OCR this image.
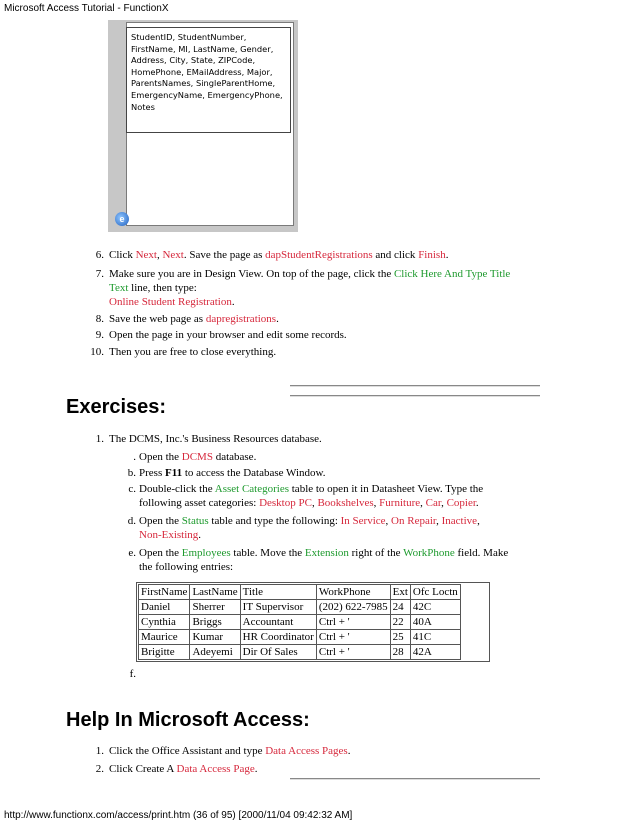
Microsoft Access Tutorial - FunctionX
StudentID, StudentNumber,
FirstName, MI, LastName, Gender,
Address, City, State, ZIPCode,
HomePhone, EMailAddress, Major,
ParentsNames, SingleParentHome,
EmergencyName, EmergencyPhone,
Notes
e
6. Click Next, Next. Save the page as dapStudentRegistrations and click Finish.
7. Make sure you are in Design View. On top of the page, click the Click Here And Type Title
Text line, then type:
Online Student Registration.
8. Save the web page as dapregistrations.
9. Open the page in your browser and edit some records.
10. Then you are free to close everything.
Exercises:
1. The DCMS, Inc.'s Business Resources database.
. Open the DCMS database.
b. Press F11 to access the Database Window.
c. Double-click the Asset Categories table to open it in Datasheet View. Type the
following asset categories: Desktop PC, Bookshelves, Furniture, Car, Copier.
d. Open the Status table and type the following: In Service, On Repair, Inactive,
Non-Existing.
e. Open the Employees table. Move the Extension right of the WorkPhone field. Make
the following entries:
FirstName	LastName	Title	WorkPhone	Ext	Ofc Loctn
Daniel	Sherrer	IT Supervisor	(202) 622-7985	24	42C
Cynthia	Briggs	Accountant	Ctrl + '	22	40A
Maurice	Kumar	HR Coordinator	Ctrl + '	25	41C
Brigitte	Adeyemi	Dir Of Sales	Ctrl + '	28	42A
f.
Help In Microsoft Access:
1. Click the Office Assistant and type Data Access Pages.
2. Click Create A Data Access Page.
http://www.functionx.com/access/print.htm (36 of 95) [2000/11/04 09:42:32 AM]
